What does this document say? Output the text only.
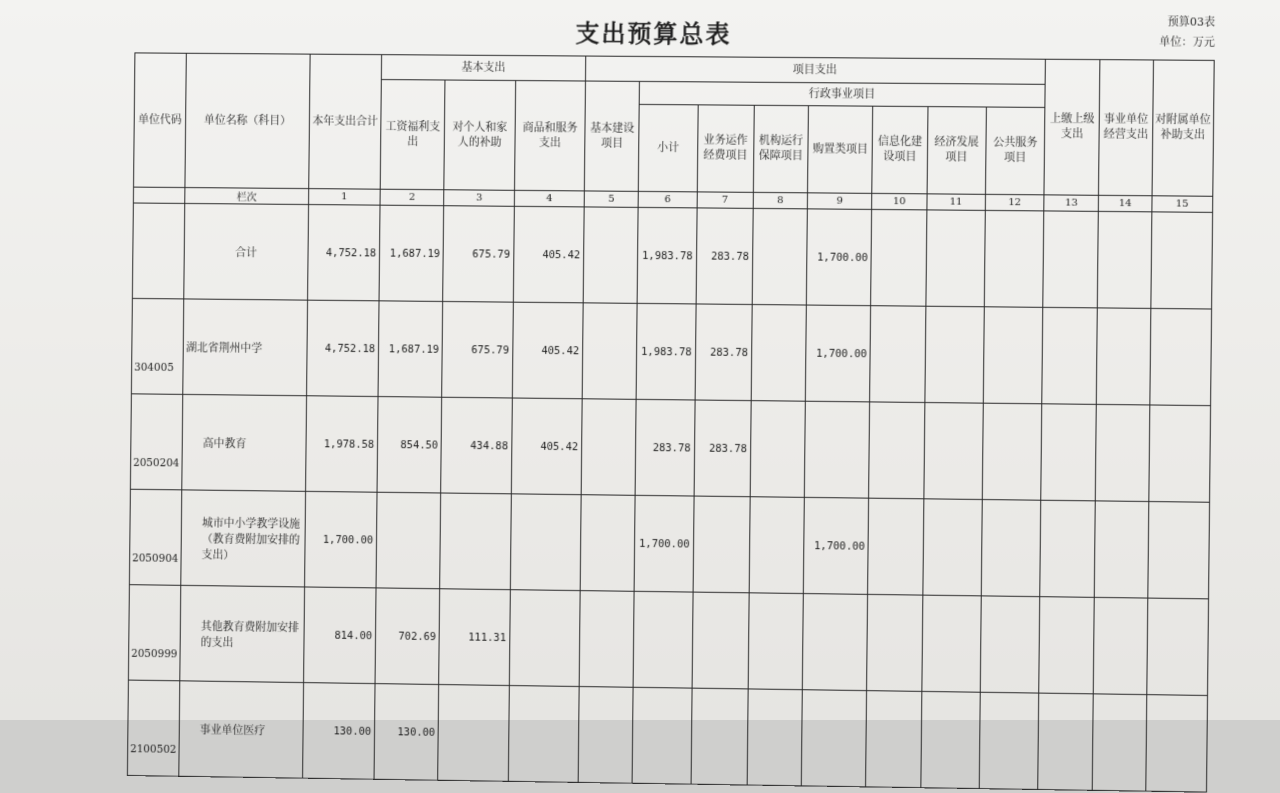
支出预算总表	预算03表
单位：万元
单位代码	单位名称（科目）	本年支出合计	基本支出			项目支出								上缴上级支出	事业单位经营支出	对附属单位补助支出
			工资福利支出	对个人和家人的补助	商品和服务支出	基本建设项目	行政事业项目									
							小计	业务运作经费项目	机构运行保障项目	购置类项目	信息化建设项目	经济发展项目	公共服务项目			
	栏次	1	2	3	4	5	6	7	8	9	10	11	12	13	14	15
	合计	4,752.18	1,687.19	675.79	405.42		1,983.78	283.78		1,700.00						
304005	湖北省荆州中学	4,752.18	1,687.19	675.79	405.42		1,983.78	283.78		1,700.00						
2050204	高中教育	1,978.58	854.50	434.88	405.42		283.78	283.78								
2050904	城市中小学教学设施（教育费附加安排的支出）	1,700.00					1,700.00			1,700.00						
2050999	其他教育费附加安排的支出	814.00	702.69	111.31												
2100502	事业单位医疗	130.00	130.00													
